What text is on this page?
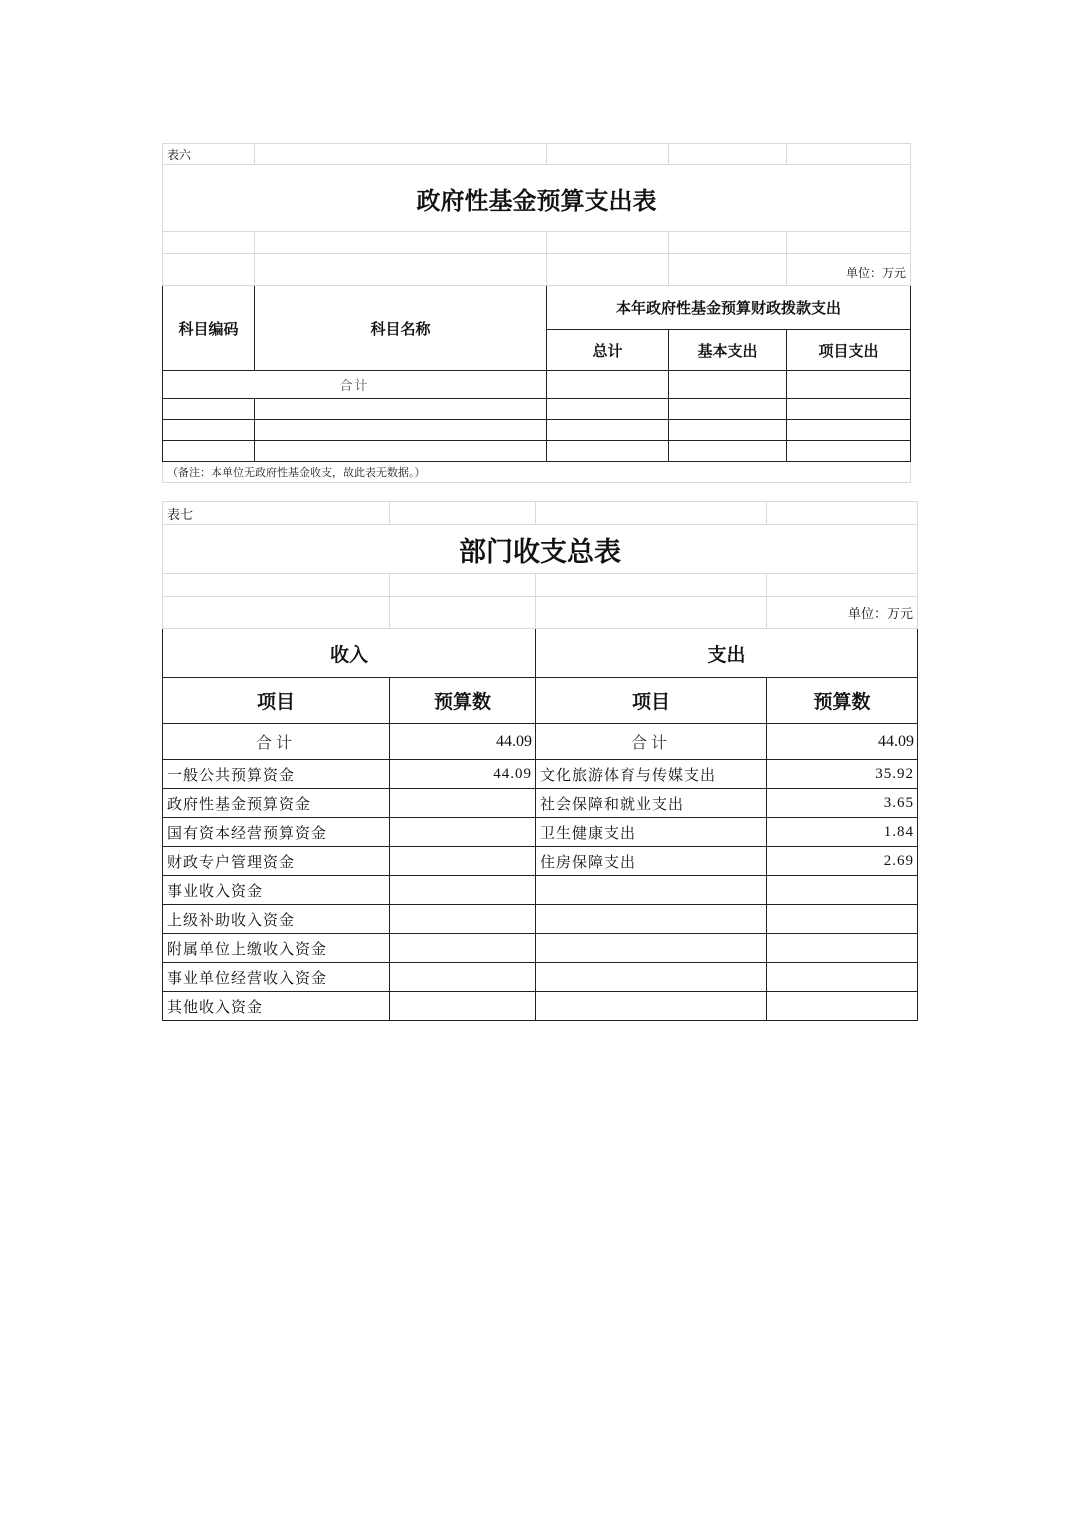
表六				
政府性基金预算支出表				

				单位：万元
科目编码	科目名称	本年政府性基金预算财政拨款支出		
		总计	基本支出	项目支出
合计				

（备注：本单位无政府性基金收支，故此表无数据。）				
表七			
部门收支总表			

			单位：万元
收入		支出	
项目	预算数	项目	预算数
合计	44.09	合计	44.09
一般公共预算资金	44.09	文化旅游体育与传媒支出	35.92
政府性基金预算资金		社会保障和就业支出	3.65
国有资本经营预算资金		卫生健康支出	1.84
财政专户管理资金		住房保障支出	2.69
事业收入资金			
上级补助收入资金			
附属单位上缴收入资金			
事业单位经营收入资金			
其他收入资金			
